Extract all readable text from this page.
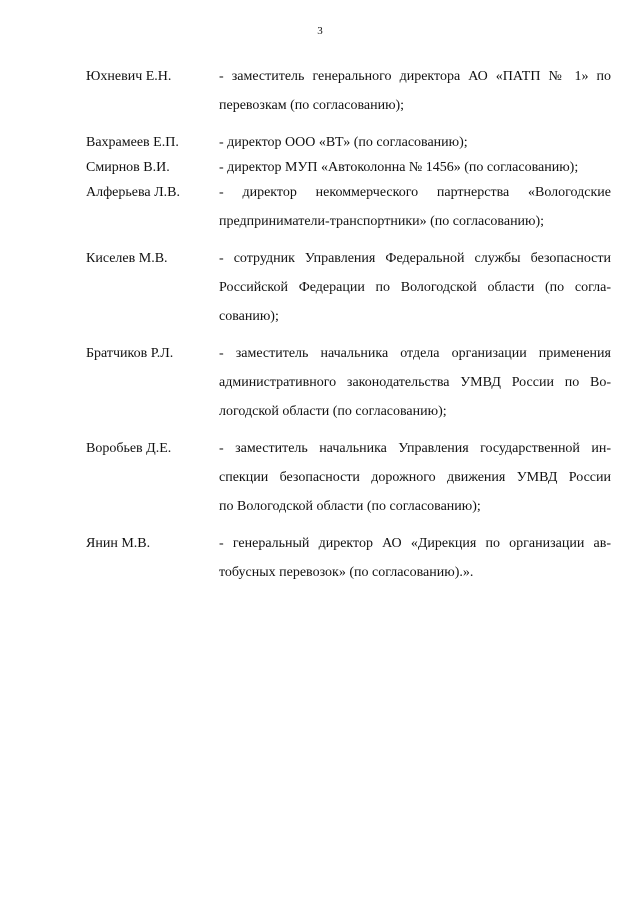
3
Юхневич Е.Н.	- заместитель генерального директора АО «ПАТП № 1» по
перевозкам (по согласованию);
Вахрамеев Е.П.	- директор ООО «ВТ» (по согласованию);
Смирнов В.И.	- директор МУП «Автоколонна № 1456» (по согласованию);
Алферьева Л.В.	- директор некоммерческого партнерства «Вологодские
предприниматели-транспортники» (по согласованию);
Киселев М.В.	- сотрудник Управления Федеральной службы безопасности
Российской Федерации по Вологодской области (по согла-
сованию);
Братчиков Р.Л.	- заместитель начальника отдела организации применения
административного законодательства УМВД России по Во-
логодской области (по согласованию);
Воробьев Д.Е.	- заместитель начальника Управления государственной ин-
спекции безопасности дорожного движения УМВД России
по Вологодской области (по согласованию);
Янин М.В.	- генеральный директор АО «Дирекция по организации ав-
тобусных перевозок» (по согласованию).».
